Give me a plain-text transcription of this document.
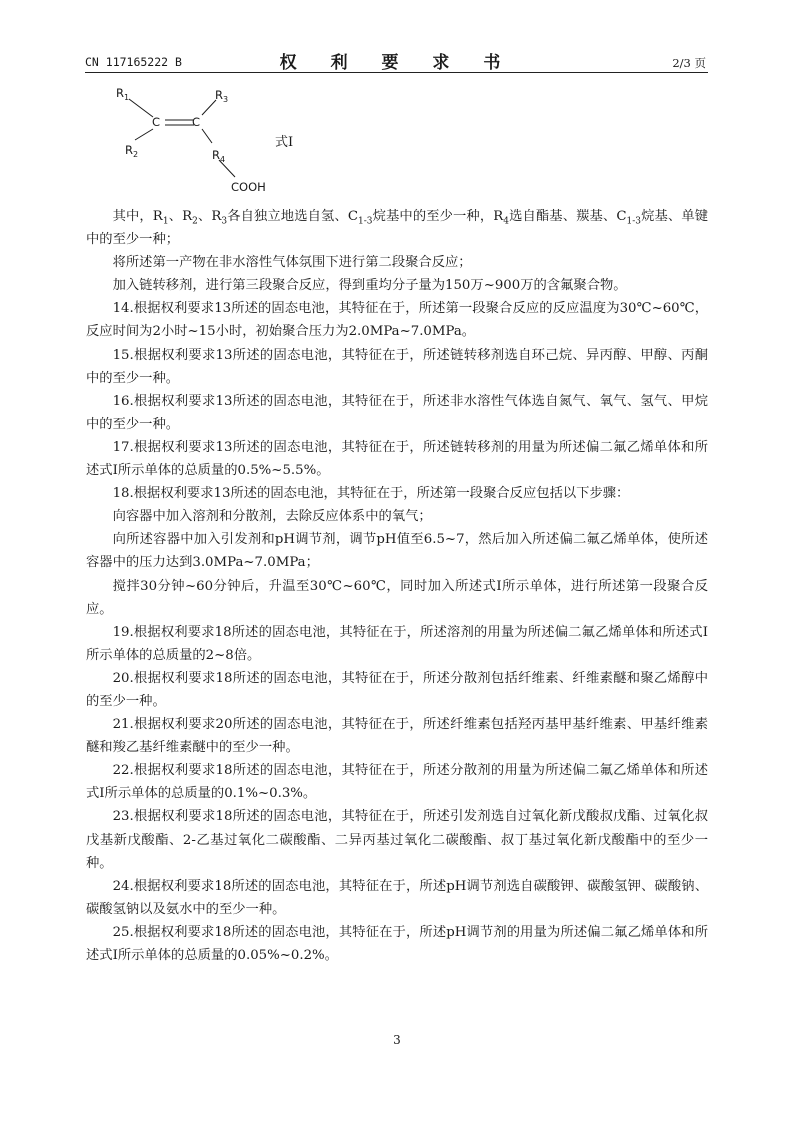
CN 117165222 B	权 利 要 求 书	2/3 页
$R_1$	$R_3$
C	C
$R_2$	$R_4$
COOH
式I

其中，$R_1$、$R_2$、$R_3$各自独立地选自氢、$C_{1-3}$烷基中的至少一种，$R_4$选自酯基、羰基、$C_{1-3}$烷基、单键中的至少一种；

将所述第一产物在非水溶性气体氛围下进行第二段聚合反应；

加入链转移剂，进行第三段聚合反应，得到重均分子量为150万~900万的含氟聚合物。

14.根据权利要求13所述的固态电池，其特征在于，所述第一段聚合反应的反应温度为30℃~60℃，反应时间为2小时~15小时，初始聚合压力为2.0MPa~7.0MPa。

15.根据权利要求13所述的固态电池，其特征在于，所述链转移剂选自环己烷、异丙醇、甲醇、丙酮中的至少一种。

16.根据权利要求13所述的固态电池，其特征在于，所述非水溶性气体选自氮气、氧气、氢气、甲烷中的至少一种。

17.根据权利要求13所述的固态电池，其特征在于，所述链转移剂的用量为所述偏二氟乙烯单体和所述式I所示单体的总质量的0.5%~5.5%。

18.根据权利要求13所述的固态电池，其特征在于，所述第一段聚合反应包括以下步骤：

向容器中加入溶剂和分散剂，去除反应体系中的氧气；

向所述容器中加入引发剂和pH调节剂，调节pH值至6.5~7，然后加入所述偏二氟乙烯单体，使所述容器中的压力达到3.0MPa~7.0MPa；

搅拌30分钟~60分钟后，升温至30℃~60℃，同时加入所述式I所示单体，进行所述第一段聚合反应。

19.根据权利要求18所述的固态电池，其特征在于，所述溶剂的用量为所述偏二氟乙烯单体和所述式I所示单体的总质量的2~8倍。

20.根据权利要求18所述的固态电池，其特征在于，所述分散剂包括纤维素、纤维素醚和聚乙烯醇中的至少一种。

21.根据权利要求20所述的固态电池，其特征在于，所述纤维素包括羟丙基甲基纤维素、甲基纤维素醚和羧乙基纤维素醚中的至少一种。

22.根据权利要求18所述的固态电池，其特征在于，所述分散剂的用量为所述偏二氟乙烯单体和所述式I所示单体的总质量的0.1%~0.3%。

23.根据权利要求18所述的固态电池，其特征在于，所述引发剂选自过氧化新戊酸叔戊酯、过氧化叔戊基新戊酸酯、2-乙基过氧化二碳酸酯、二异丙基过氧化二碳酸酯、叔丁基过氧化新戊酸酯中的至少一种。

24.根据权利要求18所述的固态电池，其特征在于，所述pH调节剂选自碳酸钾、碳酸氢钾、碳酸钠、碳酸氢钠以及氨水中的至少一种。

25.根据权利要求18所述的固态电池，其特征在于，所述pH调节剂的用量为所述偏二氟乙烯单体和所述式I所示单体的总质量的0.05%~0.2%。

3
